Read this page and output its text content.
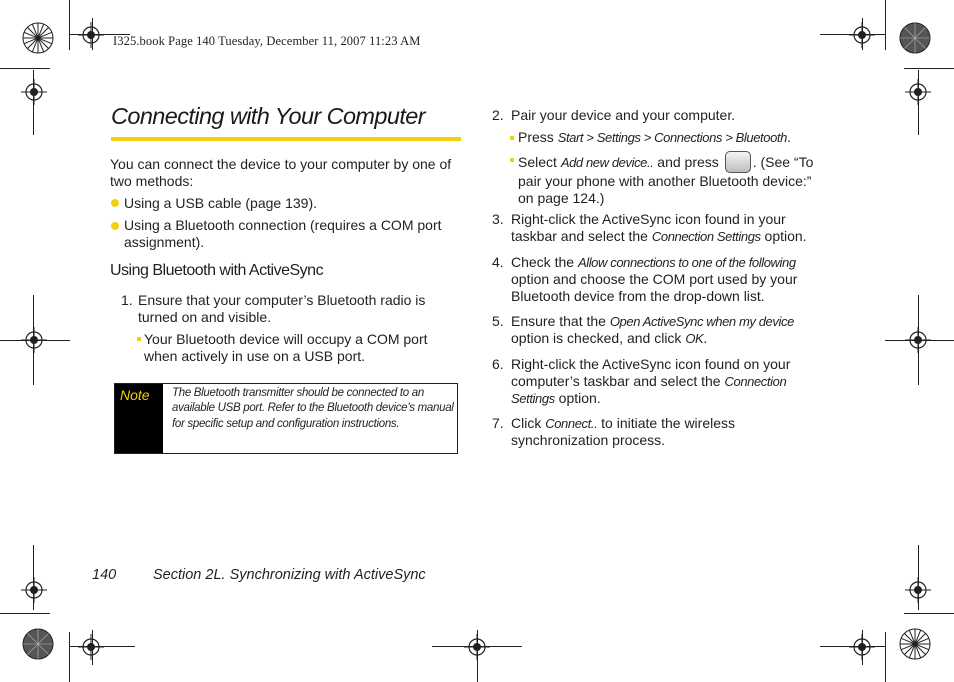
I325.book Page 140 Tuesday, December 11, 2007 11:23 AM
Connecting with Your Computer
You can connect the device to your computer by one of two methods:
Using a USB cable (page 139).
Using a Bluetooth connection (requires a COM port assignment).
Using Bluetooth with ActiveSync
1. Ensure that your computer’s Bluetooth radio is turned on and visible.
Your Bluetooth device will occupy a COM port when actively in use on a USB port.
Note The Bluetooth transmitter should be connected to an available USB port. Refer to the Bluetooth device’s manual for specific setup and configuration instructions.
2. Pair your device and your computer.
Press Start > Settings > Connections > Bluetooth.
Select Add new device.. and press . (See “To pair your phone with another Bluetooth device:” on page 124.)
3. Right-click the ActiveSync icon found in your taskbar and select the Connection Settings option.
4. Check the Allow connections to one of the following option and choose the COM port used by your Bluetooth device from the drop-down list.
5. Ensure that the Open ActiveSync when my device option is checked, and click OK.
6. Right-click the ActiveSync icon found on your computer’s taskbar and select the Connection Settings option.
7. Click Connect.. to initiate the wireless synchronization process.
140	Section 2L. Synchronizing with ActiveSync
